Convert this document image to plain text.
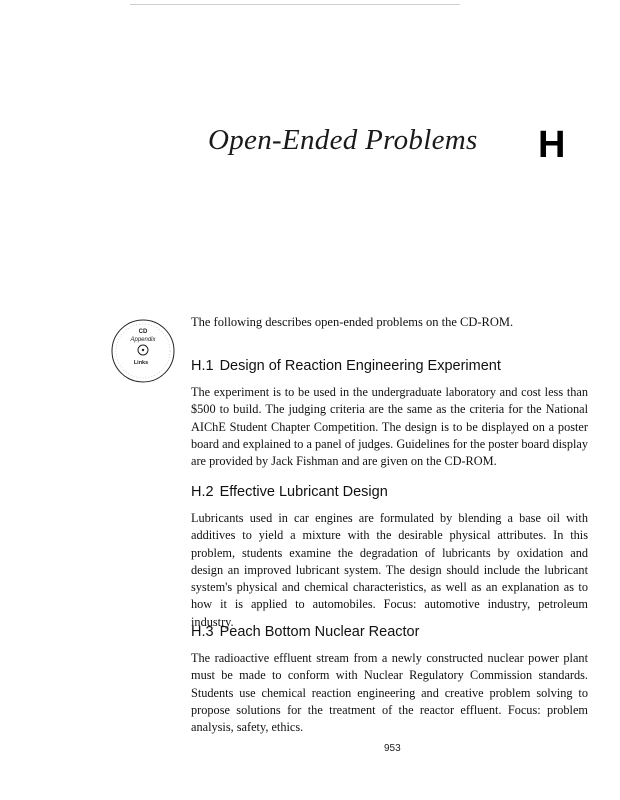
Open-Ended Problems H
CD
Appendix
Links

The following describes open-ended problems on the CD-ROM.

H.1 Design of Reaction Engineering Experiment

The experiment is to be used in the undergraduate laboratory and cost less than $500 to build. The judging criteria are the same as the criteria for the National AIChE Student Chapter Competition. The design is to be displayed on a poster board and explained to a panel of judges. Guidelines for the poster board display are provided by Jack Fishman and are given on the CD-ROM.

H.2 Effective Lubricant Design

Lubricants used in car engines are formulated by blending a base oil with additives to yield a mixture with the desirable physical attributes. In this problem, students examine the degradation of lubricants by oxidation and design an improved lubricant system. The design should include the lubricant system's physical and chemical characteristics, as well as an explanation as to how it is applied to automobiles. Focus: automotive industry, petroleum industry.

H.3 Peach Bottom Nuclear Reactor

The radioactive effluent stream from a newly constructed nuclear power plant must be made to conform with Nuclear Regulatory Commission standards. Students use chemical reaction engineering and creative problem solving to propose solutions for the treatment of the reactor effluent. Focus: problem analysis, safety, ethics.

953
